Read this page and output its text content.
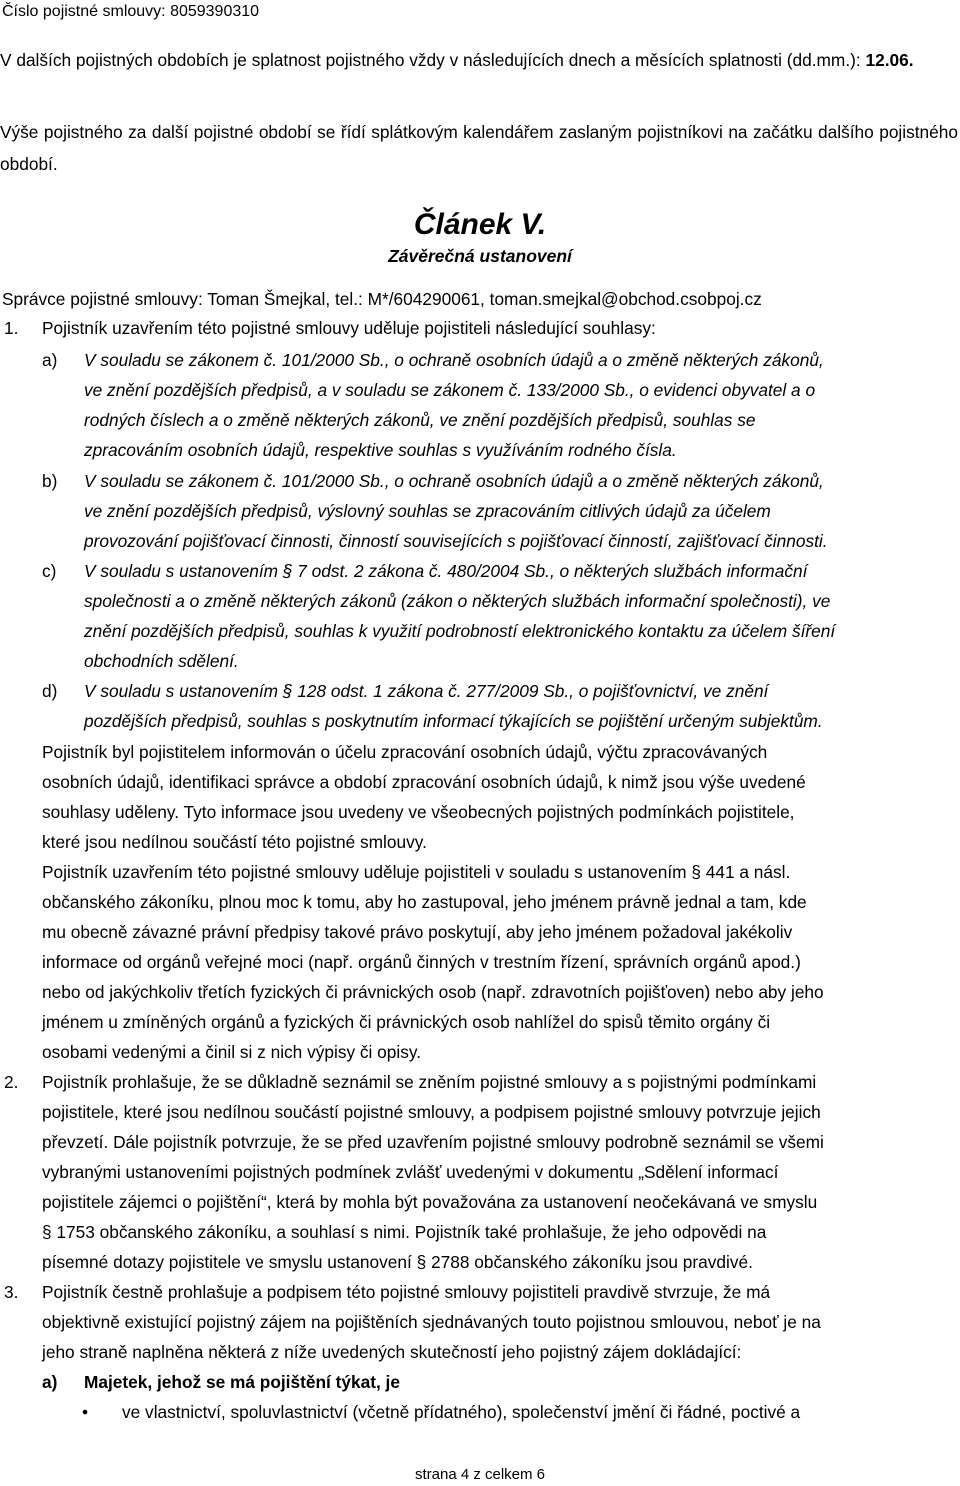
Číslo pojistné smlouvy: 8059390310
V dalších pojistných obdobích je splatnost pojistného vždy v následujících dnech a měsících splatnosti (dd.mm.): 12.06.
Výše pojistného za další pojistné období se řídí splátkovým kalendářem zaslaným pojistníkovi na začátku dalšího pojistného období.
Článek V.
Závěrečná ustanovení
Správce pojistné smlouvy: Toman Šmejkal, tel.: M*/604290061, toman.smejkal@obchod.csobpoj.cz
1. Pojistník uzavřením této pojistné smlouvy uděluje pojistiteli následující souhlasy:
a) V souladu se zákonem č. 101/2000 Sb., o ochraně osobních údajů a o změně některých zákonů,
ve znění pozdějších předpisů, a v souladu se zákonem č. 133/2000 Sb., o evidenci obyvatel a o
rodných číslech a o změně některých zákonů, ve znění pozdějších předpisů, souhlas se
zpracováním osobních údajů, respektive souhlas s využíváním rodného čísla.
b) V souladu se zákonem č. 101/2000 Sb., o ochraně osobních údajů a o změně některých zákonů,
ve znění pozdějších předpisů, výslovný souhlas se zpracováním citlivých údajů za účelem
provozování pojišťovací činnosti, činností souvisejících s pojišťovací činností, zajišťovací činnosti.
c) V souladu s ustanovením § 7 odst. 2 zákona č. 480/2004 Sb., o některých službách informační
společnosti a o změně některých zákonů (zákon o některých službách informační společnosti), ve
znění pozdějších předpisů, souhlas k využití podrobností elektronického kontaktu za účelem šíření
obchodních sdělení.
d) V souladu s ustanovením § 128 odst. 1 zákona č. 277/2009 Sb., o pojišťovnictví, ve znění
pozdějších předpisů, souhlas s poskytnutím informací týkajících se pojištění určeným subjektům.
Pojistník byl pojistitelem informován o účelu zpracování osobních údajů, výčtu zpracovávaných
osobních údajů, identifikaci správce a období zpracování osobních údajů, k nimž jsou výše uvedené
souhlasy uděleny. Tyto informace jsou uvedeny ve všeobecných pojistných podmínkách pojistitele,
které jsou nedílnou součástí této pojistné smlouvy.
Pojistník uzavřením této pojistné smlouvy uděluje pojistiteli v souladu s ustanovením § 441 a násl.
občanského zákoníku, plnou moc k tomu, aby ho zastupoval, jeho jménem právně jednal a tam, kde
mu obecně závazné právní předpisy takové právo poskytují, aby jeho jménem požadoval jakékoliv
informace od orgánů veřejné moci (např. orgánů činných v trestním řízení, správních orgánů apod.)
nebo od jakýchkoliv třetích fyzických či právnických osob (např. zdravotních pojišťoven) nebo aby jeho
jménem u zmíněných orgánů a fyzických či právnických osob nahlížel do spisů těmito orgány či
osobami vedenými a činil si z nich výpisy či opisy.
2. Pojistník prohlašuje, že se důkladně seznámil se zněním pojistné smlouvy a s pojistnými podmínkami
pojistitele, které jsou nedílnou součástí pojistné smlouvy, a podpisem pojistné smlouvy potvrzuje jejich
převzetí. Dále pojistník potvrzuje, že se před uzavřením pojistné smlouvy podrobně seznámil se všemi
vybranými ustanoveními pojistných podmínek zvlášť uvedenými v dokumentu „Sdělení informací
pojistitele zájemci o pojištění“, která by mohla být považována za ustanovení neočekávaná ve smyslu
§ 1753 občanského zákoníku, a souhlasí s nimi. Pojistník také prohlašuje, že jeho odpovědi na
písemné dotazy pojistitele ve smyslu ustanovení § 2788 občanského zákoníku jsou pravdivé.
3. Pojistník čestně prohlašuje a podpisem této pojistné smlouvy pojistiteli pravdivě stvrzuje, že má
objektivně existující pojistný zájem na pojištěních sjednávaných touto pojistnou smlouvou, neboť je na
jeho straně naplněna některá z níže uvedených skutečností jeho pojistný zájem dokládající:
a) Majetek, jehož se má pojištění týkat, je
• ve vlastnictví, spoluvlastnictví (včetně přídatného), společenství jmění či řádné, poctivé a
strana 4 z celkem 6
